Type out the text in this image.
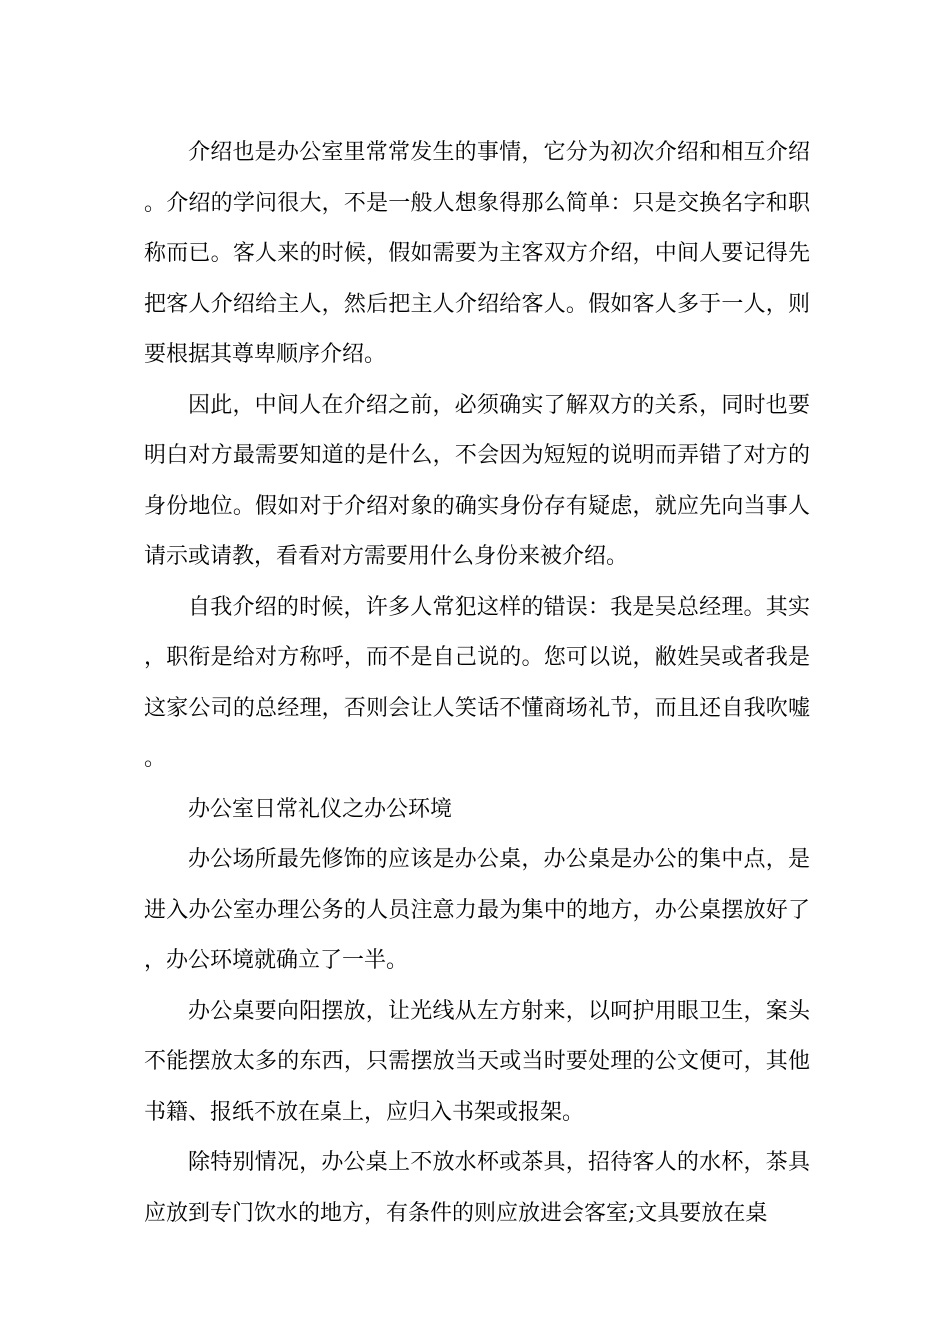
介绍也是办公室里常常发生的事情，它分为初次介绍和相互介绍。介绍的学问很大，不是一般人想象得那么简单：只是交换名字和职称而已。客人来的时候，假如需要为主客双方介绍，中间人要记得先把客人介绍给主人，然后把主人介绍给客人。假如客人多于一人，则要根据其尊卑顺序介绍。

因此，中间人在介绍之前，必须确实了解双方的关系，同时也要明白对方最需要知道的是什么，不会因为短短的说明而弄错了对方的身份地位。假如对于介绍对象的确实身份存有疑虑，就应先向当事人请示或请教，看看对方需要用什么身份来被介绍。

自我介绍的时候，许多人常犯这样的错误：我是吴总经理。其实，职衔是给对方称呼，而不是自己说的。您可以说，敝姓吴或者我是这家公司的总经理，否则会让人笑话不懂商场礼节，而且还自我吹嘘。

办公室日常礼仪之办公环境

办公场所最先修饰的应该是办公桌，办公桌是办公的集中点，是进入办公室办理公务的人员注意力最为集中的地方，办公桌摆放好了，办公环境就确立了一半。

办公桌要向阳摆放，让光线从左方射来，以呵护用眼卫生，案头不能摆放太多的东西，只需摆放当天或当时要处理的公文便可，其他书籍、报纸不放在桌上，应归入书架或报架。

除特别情况，办公桌上不放水杯或茶具，招待客人的水杯，茶具应放到专门饮水的地方，有条件的则应放进会客室;文具要放在桌
